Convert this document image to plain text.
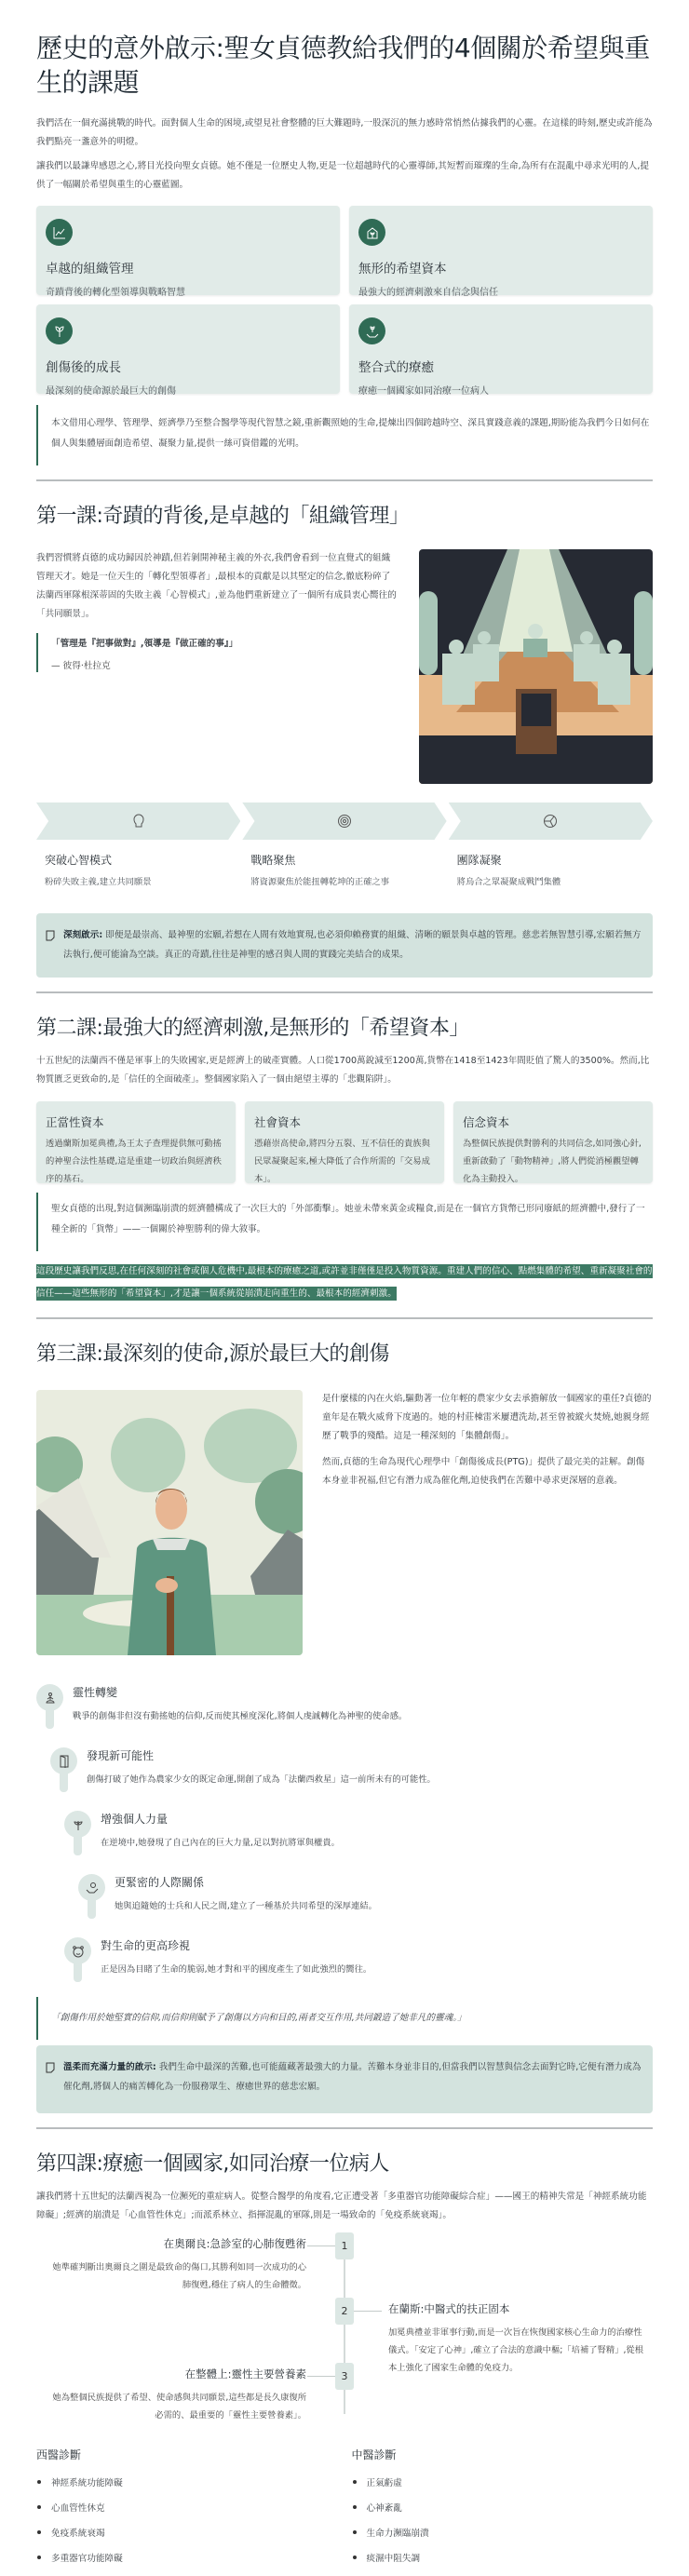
歷史的意外啟示:聖女貞德教給我們的4個關於希望與重生的課題

我們活在一個充滿挑戰的時代。面對個人生命的困境,或望見社會整體的巨大難題時,一股深沉的無力感時常悄然佔據我們的心靈。在這樣的時刻,歷史或許能為我們點亮一盞意外的明燈。

讓我們以最謙卑感恩之心,將目光投向聖女貞德。她不僅是一位歷史人物,更是一位超越時代的心靈導師,其短暫而璀璨的生命,為所有在混亂中尋求光明的人,提供了一幅關於希望與重生的心靈藍圖。

卓越的組織管理
奇蹟背後的轉化型領導與戰略智慧
無形的希望資本
最強大的經濟刺激來自信念與信任
創傷後的成長
最深刻的使命源於最巨大的創傷
整合式的療癒
療癒一個國家如同治療一位病人

本文借用心理學、管理學、經濟學乃至整合醫學等現代智慧之鏡,重新觀照她的生命,提煉出四個跨越時空、深具實踐意義的課題,期盼能為我們今日如何在個人與集體層面創造希望、凝聚力量,提供一絲可資借鑑的光明。

第一課:奇蹟的背後,是卓越的「組織管理」

我們習慣將貞德的成功歸因於神蹟,但若剝開神秘主義的外衣,我們會看到一位直覺式的組織管理天才。她是一位天生的「轉化型領導者」,最根本的貢獻是以其堅定的信念,徹底粉碎了法蘭西軍隊根深蒂固的失敗主義「心智模式」,並為他們重新建立了一個所有成員衷心嚮往的「共同願景」。

「管理是『把事做對』,領導是『做正確的事』」
— 彼得·杜拉克
突破心智模式
粉碎失敗主義,建立共同願景
戰略聚焦
將資源聚焦於能扭轉乾坤的正確之事
團隊凝聚
將烏合之眾凝聚成戰鬥集體
深刻啟示: 即便是最崇高、最神聖的宏願,若想在人間有效地實現,也必須仰賴務實的組織、清晰的願景與卓越的管理。慈悲若無智慧引導,宏願若無方法執行,便可能淪為空談。真正的奇蹟,往往是神聖的感召與人間的實踐完美結合的成果。
第二課:最強大的經濟刺激,是無形的「希望資本」

十五世紀的法蘭西不僅是軍事上的失敗國家,更是經濟上的破產實體。人口從1700萬銳減至1200萬,貨幣在1418至1423年間貶值了驚人的3500%。然而,比物質匱乏更致命的,是「信任的全面破產」。整個國家陷入了一個由絕望主導的「悲觀陷阱」。

正當性資本

透過蘭斯加冕典禮,為王太子查理提供無可動搖的神聖合法性基礎,這是重建一切政治與經濟秩序的基石。

社會資本

憑藉崇高使命,將四分五裂、互不信任的貴族與民眾凝聚起來,極大降低了合作所需的「交易成本」。

信念資本

為整個民族提供對勝利的共同信念,如同強心針,重新啟動了「動物精神」,將人們從消極觀望轉化為主動投入。

聖女貞德的出現,對這個瀕臨崩潰的經濟體構成了一次巨大的「外部衝擊」。她並未帶來黃金或糧食,而是在一個官方貨幣已形同廢紙的經濟體中,發行了一種全新的「貨幣」——一個關於神聖勝利的偉大敘事。

這段歷史讓我們反思,在任何深刻的社會或個人危機中,最根本的療癒之道,或許並非僅僅是投入物質資源。重建人們的信心、點燃集體的希望、重新凝聚社會的信任——這些無形的「希望資本」,才是讓一個系統從崩潰走向重生的、最根本的經濟刺激。
第三課:最深刻的使命,源於最巨大的創傷

是什麼樣的內在火焰,驅動著一位年輕的農家少女去承擔解放一個國家的重任?貞德的童年是在戰火威脅下度過的。她的村莊棟雷米屢遭洗劫,甚至曾被縱火焚燒,她親身經歷了戰爭的殘酷。這是一種深刻的「集體創傷」。

然而,貞德的生命為現代心理學中「創傷後成長(PTG)」提供了最完美的註解。創傷本身並非祝福,但它有潛力成為催化劑,迫使我們在苦難中尋求更深層的意義。

靈性轉變

戰爭的創傷非但沒有動搖她的信仰,反而使其極度深化,將個人虔誠轉化為神聖的使命感。

發現新可能性

創傷打破了她作為農家少女的既定命運,開創了成為「法蘭西救星」這一前所未有的可能性。

增強個人力量

在逆境中,她發現了自己內在的巨大力量,足以對抗將軍與權貴。

更緊密的人際關係

她與追隨她的士兵和人民之間,建立了一種基於共同希望的深厚連結。

對生命的更高珍視

正是因為目睹了生命的脆弱,她才對和平的國度產生了如此強烈的嚮往。

「創傷作用於她堅實的信仰,而信仰則賦予了創傷以方向和目的,兩者交互作用,共同鍛造了她非凡的靈魂。」

溫柔而充滿力量的啟示: 我們生命中最深的苦難,也可能蘊藏著最強大的力量。苦難本身並非目的,但當我們以智慧與信念去面對它時,它便有潛力成為催化劑,將個人的痛苦轉化為一份服務眾生、療癒世界的慈悲宏願。
第四課:療癒一個國家,如同治療一位病人

讓我們將十五世紀的法蘭西視為一位瀕死的重症病人。從整合醫學的角度看,它正遭受著「多重器官功能障礙綜合症」——國王的精神失常是「神經系統功能障礙」;經濟的崩潰是「心血管性休克」;而派系林立、指揮混亂的軍隊,則是一場致命的「免疫系統衰竭」。

1
在奧爾良:急診室的心肺復甦術

她準確判斷出奧爾良之圍是最致命的傷口,其勝利如同一次成功的心肺復甦,穩住了病人的生命體徵。

2	在蘭斯:中醫式的扶正固本

加冕典禮並非軍事行動,而是一次旨在恢復國家核心生命力的治療性儀式。「安定了心神」,確立了合法的意識中樞;「培補了腎精」,從根本上強化了國家生命體的免疫力。

3
在整體上:靈性主要營養素

她為整個民族提供了希望、使命感與共同願景,這些都是長久康復所必需的、最重要的「靈性主要營養素」。

西醫診斷
神經系統功能障礙
心血管性休克
免疫系統衰竭
多重器官功能障礙
中醫診斷
正氣虧虛
心神紊亂
生命力瀕臨崩潰
痰濕中阻失調
